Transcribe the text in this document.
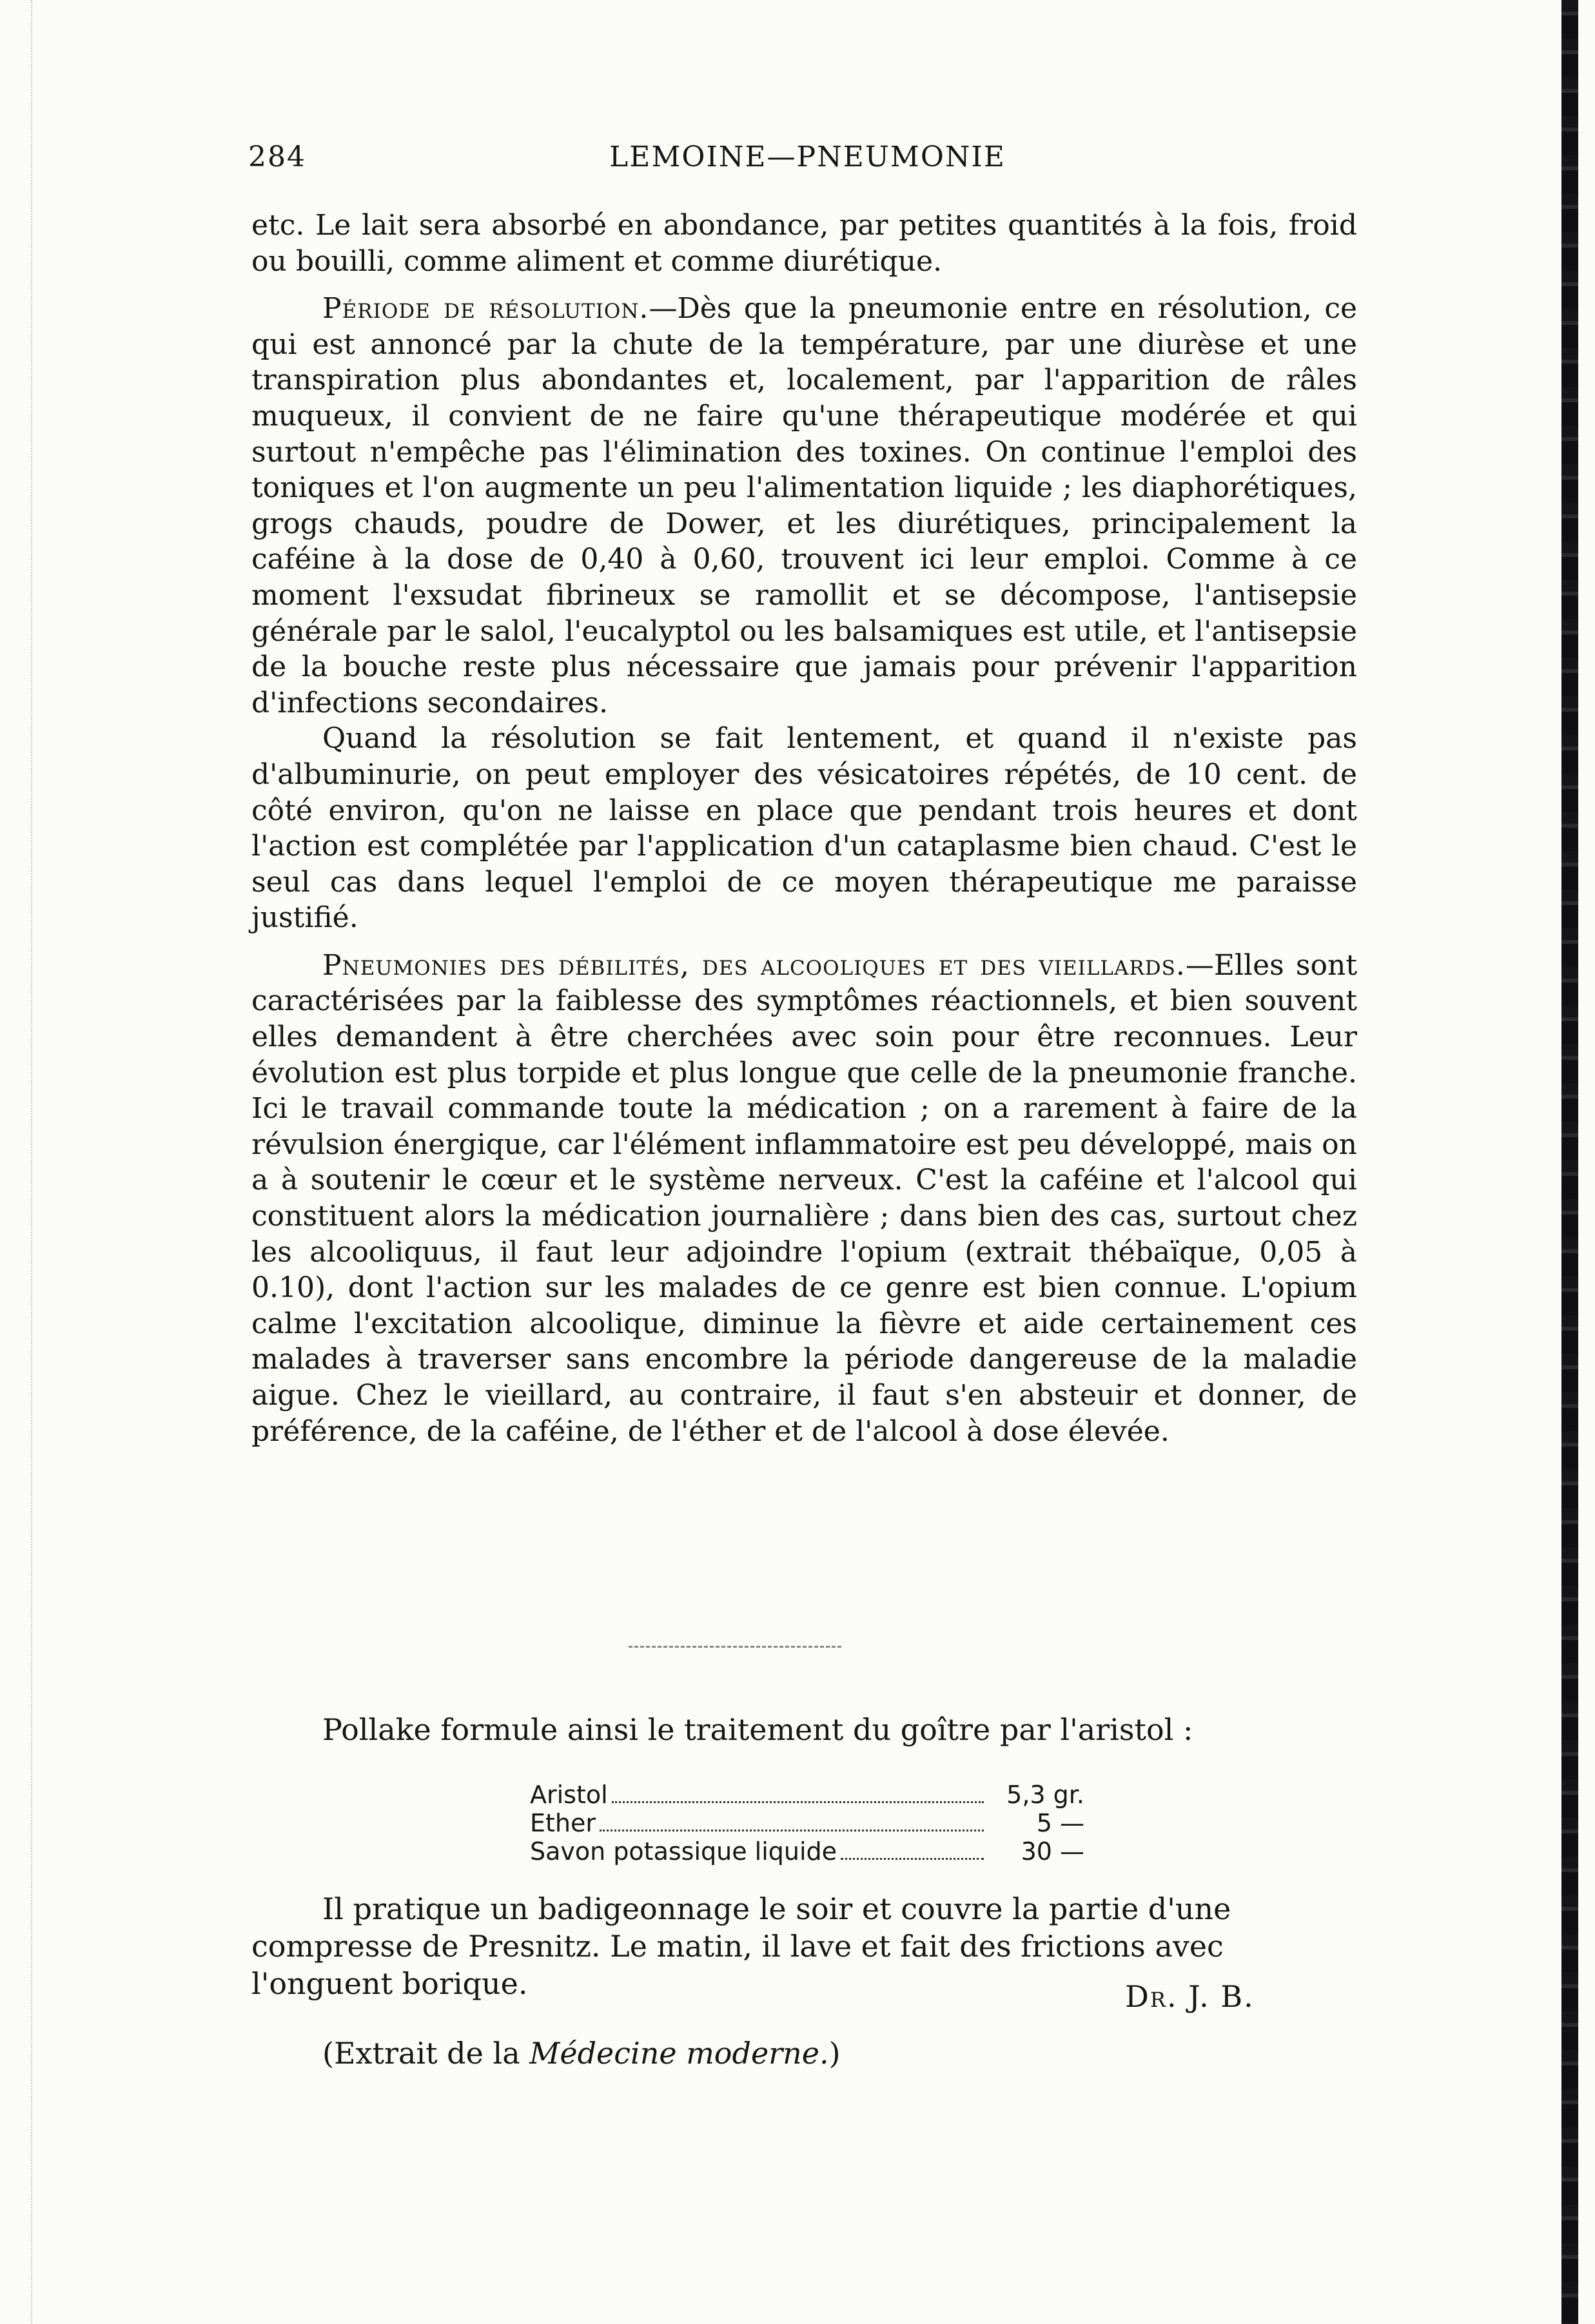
284	LEMOINE—PNEUMONIE

etc. Le lait sera absorbé en abondance, par petites quantités à la fois, froid ou bouilli, comme aliment et comme diurétique.

Période de résolution.—Dès que la pneumonie entre en résolution, ce qui est annoncé par la chute de la température, par une diurèse et une transpiration plus abondantes et, localement, par l'apparition de râles muqueux, il convient de ne faire qu'une thérapeutique modérée et qui surtout n'empêche pas l'élimination des toxines. On continue l'emploi des toniques et l'on augmente un peu l'alimentation liquide ; les diaphorétiques, grogs chauds, poudre de Dower, et les diurétiques, principalement la caféine à la dose de 0,40 à 0,60, trouvent ici leur emploi. Comme à ce moment l'exsudat fibrineux se ramollit et se décompose, l'antisepsie générale par le salol, l'eucalyptol ou les balsamiques est utile, et l'antisepsie de la bouche reste plus nécessaire que jamais pour prévenir l'apparition d'infections secondaires.

Quand la résolution se fait lentement, et quand il n'existe pas d'albuminurie, on peut employer des vésicatoires répétés, de 10 cent. de côté environ, qu'on ne laisse en place que pendant trois heures et dont l'action est complétée par l'application d'un cataplasme bien chaud. C'est le seul cas dans lequel l'emploi de ce moyen thérapeutique me paraisse justifié.

Pneumonies des débilités, des alcooliques et des vieillards.—Elles sont caractérisées par la faiblesse des symptômes réactionnels, et bien souvent elles demandent à être cherchées avec soin pour être reconnues. Leur évolution est plus torpide et plus longue que celle de la pneumonie franche. Ici le travail commande toute la médication ; on a rarement à faire de la révulsion énergique, car l'élément inflammatoire est peu développé, mais on a à soutenir le cœur et le système nerveux. C'est la caféine et l'alcool qui constituent alors la médication journalière ; dans bien des cas, surtout chez les alcooliquus, il faut leur adjoindre l'opium (extrait thébaïque, 0,05 à 0.10), dont l'action sur les malades de ce genre est bien connue. L'opium calme l'excitation alcoolique, diminue la fièvre et aide certainement ces malades à traverser sans encombre la période dangereuse de la maladie aigue. Chez le vieillard, au contraire, il faut s'en absteuir et donner, de préférence, de la caféine, de l'éther et de l'alcool à dose élevée.

Pollake formule ainsi le traitement du goître par l'aristol :
Aristol	5,3 gr.
Ether	5 —
Savon potassique liquide	30 —

Il pratique un badigeonnage le soir et couvre la partie d'une compresse de Presnitz. Le matin, il lave et fait des frictions avec l'onguent borique.	Dr. J. B.
(Extrait de la Médecine moderne.)
